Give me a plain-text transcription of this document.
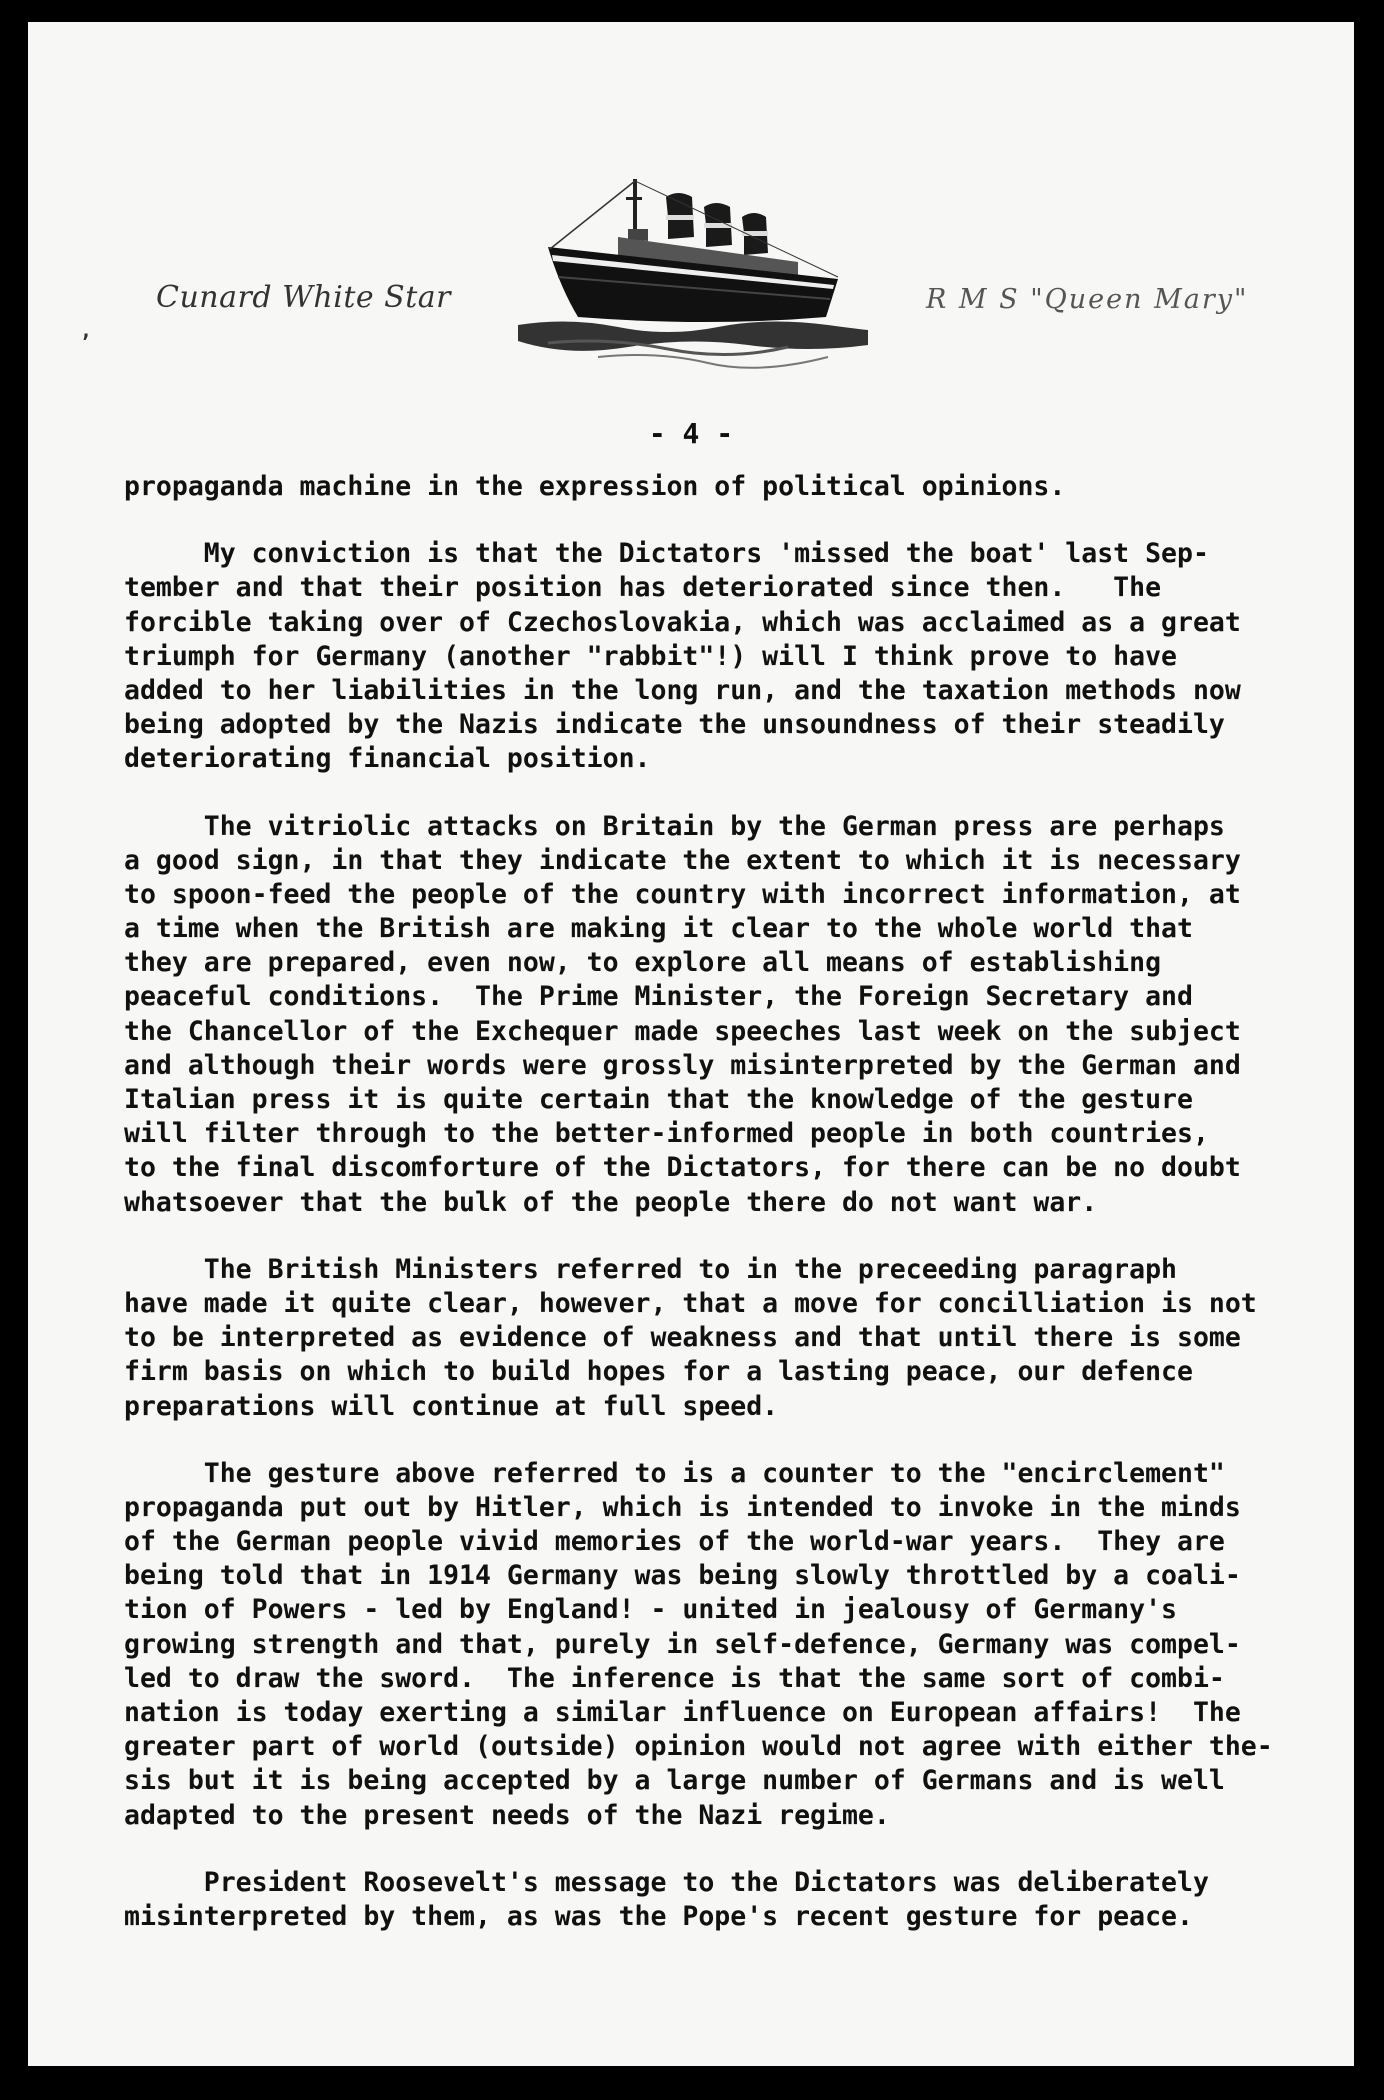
Cunard White Star	R M S "Queen Mary"
,
- 4 -
propaganda machine in the expression of political opinions.
My conviction is that the Dictators 'missed the boat' last Sep-
tember and that their position has deteriorated since then.   The
forcible taking over of Czechoslovakia, which was acclaimed as a great
triumph for Germany (another "rabbit"!) will I think prove to have
added to her liabilities in the long run, and the taxation methods now
being adopted by the Nazis indicate the unsoundness of their steadily
deteriorating financial position.
The vitriolic attacks on Britain by the German press are perhaps
a good sign, in that they indicate the extent to which it is necessary
to spoon-feed the people of the country with incorrect information, at
a time when the British are making it clear to the whole world that
they are prepared, even now, to explore all means of establishing
peaceful conditions.  The Prime Minister, the Foreign Secretary and
the Chancellor of the Exchequer made speeches last week on the subject
and although their words were grossly misinterpreted by the German and
Italian press it is quite certain that the knowledge of the gesture
will filter through to the better-informed people in both countries,
to the final discomforture of the Dictators, for there can be no doubt
whatsoever that the bulk of the people there do not want war.
The British Ministers referred to in the preceeding paragraph
have made it quite clear, however, that a move for concilliation is not
to be interpreted as evidence of weakness and that until there is some
firm basis on which to build hopes for a lasting peace, our defence
preparations will continue at full speed.
The gesture above referred to is a counter to the "encirclement"
propaganda put out by Hitler, which is intended to invoke in the minds
of the German people vivid memories of the world-war years.  They are
being told that in 1914 Germany was being slowly throttled by a coali-
tion of Powers - led by England! - united in jealousy of Germany's
growing strength and that, purely in self-defence, Germany was compel-
led to draw the sword.  The inference is that the same sort of combi-
nation is today exerting a similar influence on European affairs!  The
greater part of world (outside) opinion would not agree with either the-
sis but it is being accepted by a large number of Germans and is well
adapted to the present needs of the Nazi regime.
President Roosevelt's message to the Dictators was deliberately
misinterpreted by them, as was the Pope's recent gesture for peace.
